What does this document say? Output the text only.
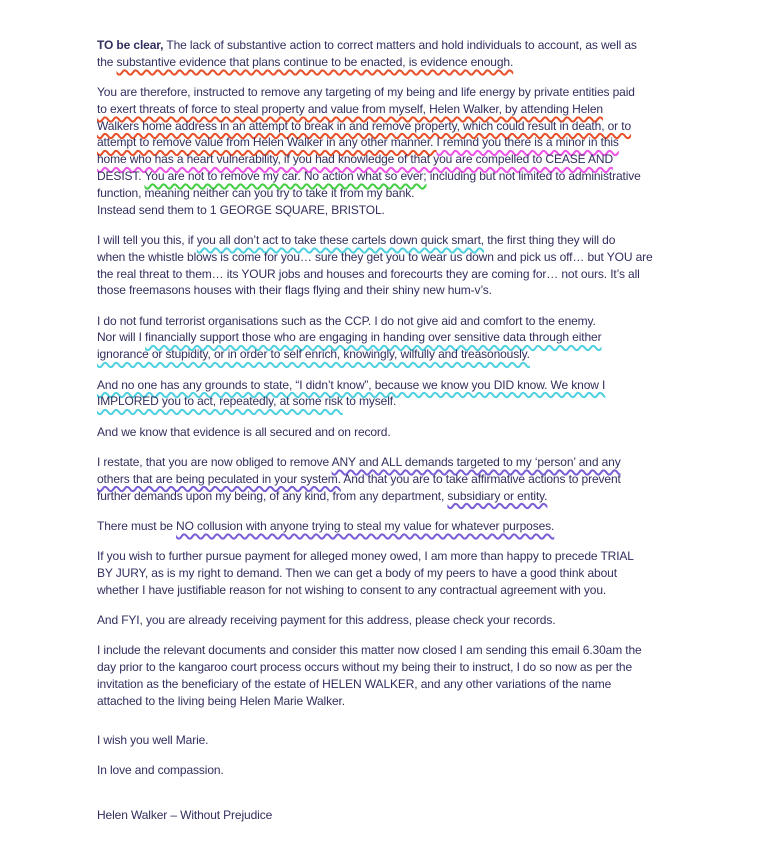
TO be clear, The lack of substantive action to correct matters and hold individuals to account, as well as
the substantive evidence that plans continue to be enacted, is evidence enough.
You are therefore, instructed to remove any targeting of my being and life energy by private entities paid
to exert threats of force to steal property and value from myself, Helen Walker, by attending Helen
Walkers home address in an attempt to break in and remove property, which could result in death, or to
attempt to remove value from Helen Walker in any other manner. I remind you there is a minor in this
home who has a heart vulnerability, if you had knowledge of that you are compelled to CEASE AND
DESIST. You are not to remove my car. No action what so ever; including but not limited to administrative
function, meaning neither can you try to take it from my bank.
Instead send them to 1 GEORGE SQUARE, BRISTOL.
I will tell you this, if you all don’t act to take these cartels down quick smart, the first thing they will do
when the whistle blows is come for you… sure they get you to wear us down and pick us off… but YOU are
the real threat to them… its YOUR jobs and houses and forecourts they are coming for… not ours. It’s all
those freemasons houses with their flags flying and their shiny new hum-v’s.
I do not fund terrorist organisations such as the CCP. I do not give aid and comfort to the enemy.
Nor will I financially support those who are engaging in handing over sensitive data through either
ignorance or stupidity, or in order to self enrich, knowingly, wilfully and treasonously.
And no one has any grounds to state, “I didn’t know”, because we know you DID know. We know I
IMPLORED you to act, repeatedly, at some risk to myself.
And we know that evidence is all secured and on record.
I restate, that you are now obliged to remove ANY and ALL demands targeted to my ‘person’ and any
others that are being peculated in your system. And that you are to take affirmative actions to prevent
further demands upon my being, of any kind, from any department, subsidiary or entity.
There must be NO collusion with anyone trying to steal my value for whatever purposes.
If you wish to further pursue payment for alleged money owed, I am more than happy to precede TRIAL
BY JURY, as is my right to demand. Then we can get a body of my peers to have a good think about
whether I have justifiable reason for not wishing to consent to any contractual agreement with you.
And FYI, you are already receiving payment for this address, please check your records.
I include the relevant documents and consider this matter now closed I am sending this email 6.30am the
day prior to the kangaroo court process occurs without my being their to instruct, I do so now as per the
invitation as the beneficiary of the estate of HELEN WALKER, and any other variations of the name
attached to the living being Helen Marie Walker.
I wish you well Marie.
In love and compassion.
Helen Walker – Without Prejudice
